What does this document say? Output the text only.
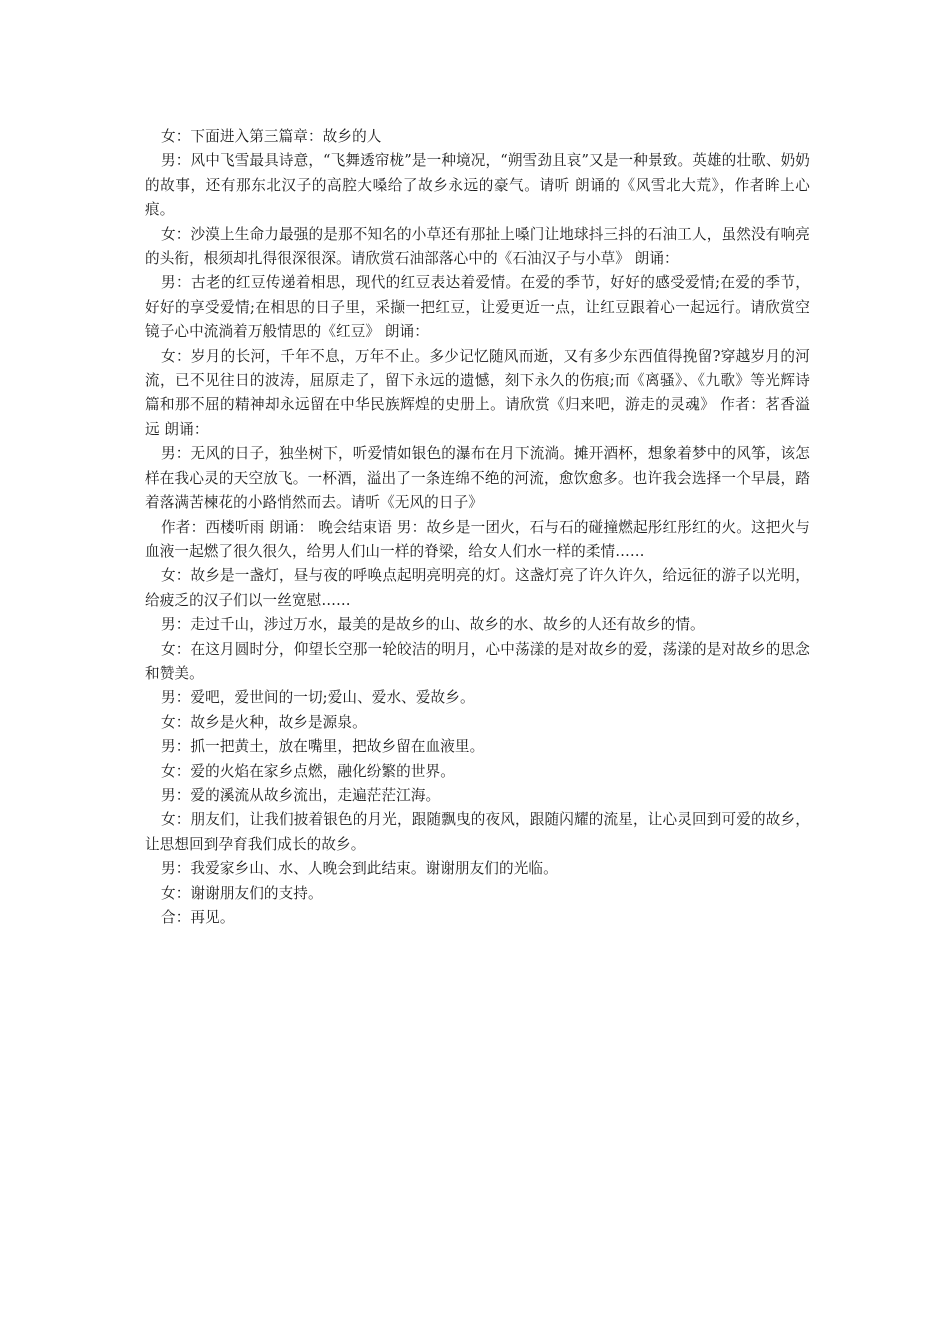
女：下面进入第三篇章：故乡的人

男：风中飞雪最具诗意，“飞舞透帘栊”是一种境况，“朔雪劲且哀”又是一种景致。英雄的壮歌、奶奶的故事，还有那东北汉子的高腔大嗓给了故乡永远的豪气。请听 朗诵的《风雪北大荒》，作者眸上心痕。

女：沙漠上生命力最强的是那不知名的小草还有那扯上嗓门让地球抖三抖的石油工人，虽然没有响亮的头衔，根须却扎得很深很深。请欣赏石油部落心中的《石油汉子与小草》 朗诵：

男：古老的红豆传递着相思，现代的红豆表达着爱情。在爱的季节，好好的感受爱情;在爱的季节，好好的享受爱情;在相思的日子里，采撷一把红豆，让爱更近一点，让红豆跟着心一起远行。请欣赏空镜子心中流淌着万般情思的《红豆》 朗诵：

女：岁月的长河，千年不息，万年不止。多少记忆随风而逝，又有多少东西值得挽留?穿越岁月的河流，已不见往日的波涛，屈原走了，留下永远的遗憾，刻下永久的伤痕;而《离骚》、《九歌》等光辉诗篇和那不屈的精神却永远留在中华民族辉煌的史册上。请欣赏《归来吧，游走的灵魂》 作者：茗香溢远 朗诵：

男：无风的日子，独坐树下，听爱情如银色的瀑布在月下流淌。摊开酒杯，想象着梦中的风筝，该怎样在我心灵的天空放飞。一杯酒，溢出了一条连绵不绝的河流，愈饮愈多。也许我会选择一个早晨，踏着落满苦楝花的小路悄然而去。请听《无风的日子》

作者：西楼听雨 朗诵： 晚会结束语 男：故乡是一团火，石与石的碰撞燃起彤红彤红的火。这把火与血液一起燃了很久很久，给男人们山一样的脊梁，给女人们水一样的柔情……

女：故乡是一盏灯，昼与夜的呼唤点起明亮明亮的灯。这盏灯亮了许久许久，给远征的游子以光明，给疲乏的汉子们以一丝宽慰……

男：走过千山，涉过万水，最美的是故乡的山、故乡的水、故乡的人还有故乡的情。

女：在这月圆时分，仰望长空那一轮皎洁的明月，心中荡漾的是对故乡的爱，荡漾的是对故乡的思念和赞美。

男：爱吧，爱世间的一切;爱山、爱水、爱故乡。

女：故乡是火种，故乡是源泉。

男：抓一把黄土，放在嘴里，把故乡留在血液里。

女：爱的火焰在家乡点燃，融化纷繁的世界。

男：爱的溪流从故乡流出，走遍茫茫江海。

女：朋友们，让我们披着银色的月光，跟随飘曳的夜风，跟随闪耀的流星，让心灵回到可爱的故乡，让思想回到孕育我们成长的故乡。

男：我爱家乡山、水、人晚会到此结束。谢谢朋友们的光临。

女：谢谢朋友们的支持。

合：再见。
